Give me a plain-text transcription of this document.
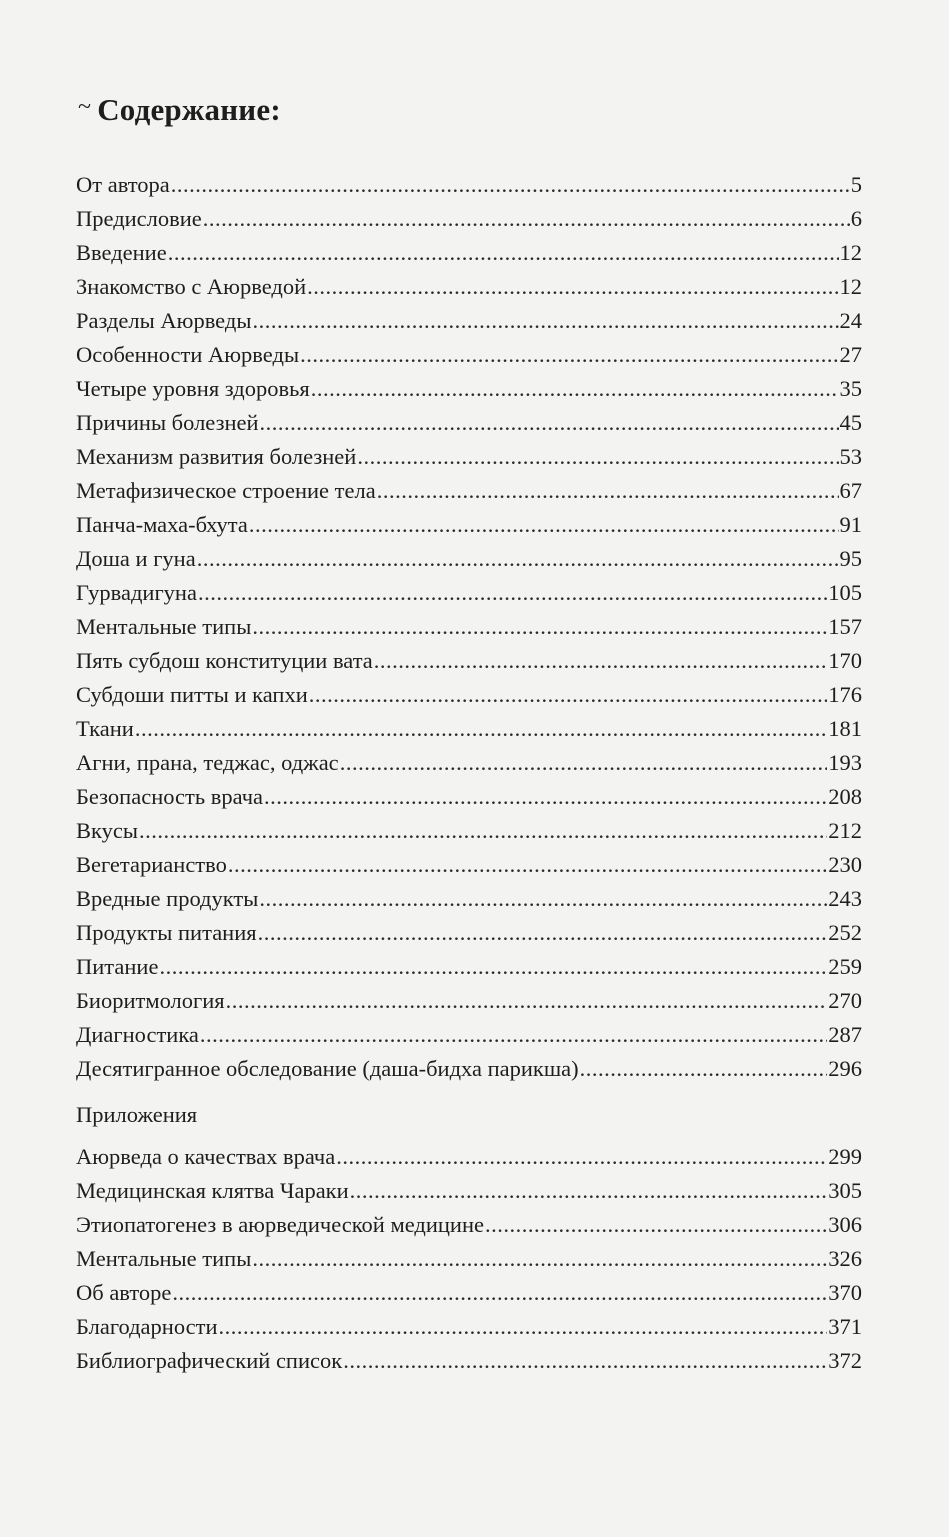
~ Содержание:
От автора .....	5
Предисловие .....	6
Введение .....	12
Знакомство с Аюрведой .....	12
Разделы Аюрведы .....	24
Особенности Аюрведы .....	27
Четыре уровня здоровья .....	35
Причины болезней .....	45
Механизм развития болезней .....	53
Метафизическое строение тела .....	67
Панча-маха-бхута .....	91
Доша и гуна .....	95
Гурвадигуна .....	105
Ментальные типы .....	157
Пять субдош конституции вата .....	170
Субдоши питты и капхи .....	176
Ткани .....	181
Агни, прана, теджас, оджас .....	193
Безопасность врача .....	208
Вкусы .....	212
Вегетарианство .....	230
Вредные продукты .....	243
Продукты питания .....	252
Питание .....	259
Биоритмология .....	270
Диагностика .....	287
Десятигранное обследование (даша-бидха парикша) .....	296
Приложения
Аюрведа о качествах врача .....	299
Медицинская клятва Чараки .....	305
Этиопатогенез в аюрведической медицине .....	306
Ментальные типы .....	326
Об авторе .....	370
Благодарности .....	371
Библиографический список .....	372
